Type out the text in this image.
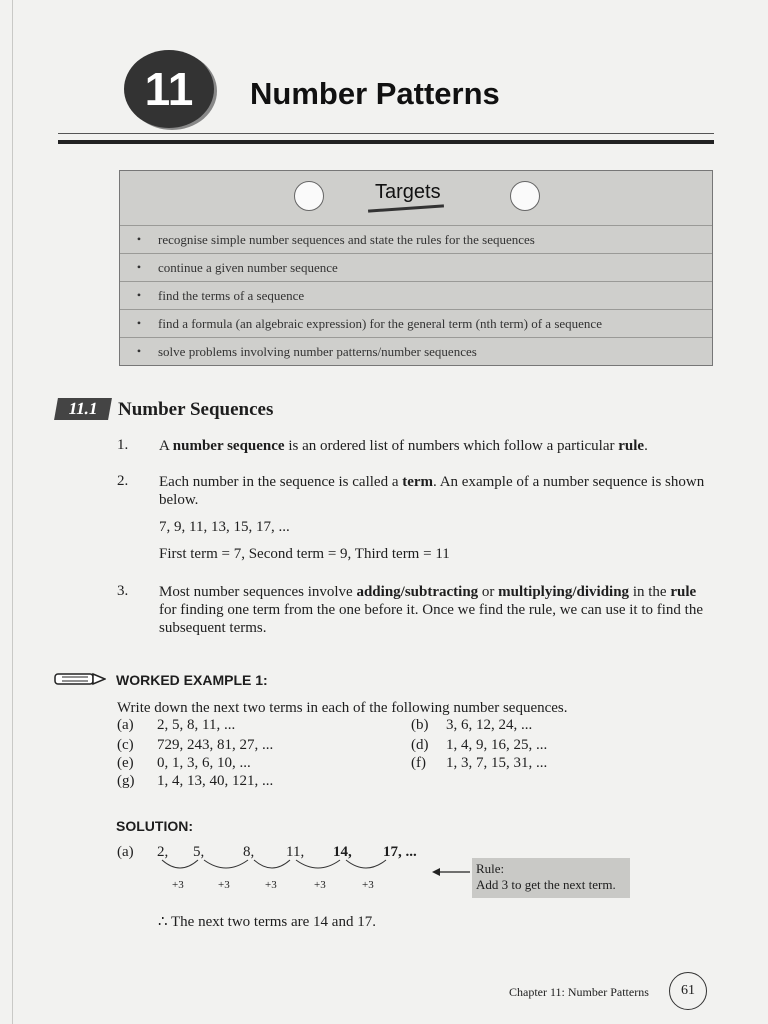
11	Number Patterns
Targets
•	recognise simple number sequences and state the rules for the sequences
•	continue a given number sequence
•	find the terms of a sequence
•	find a formula (an algebraic expression) for the general term (nth term) of a sequence
•	solve problems involving number patterns/number sequences
11.1 Number Sequences
1. A number sequence is an ordered list of numbers which follow a particular rule.
2. Each number in the sequence is called a term. An example of a number sequence is shown below.
7, 9, 11, 13, 15, 17, ...
First term = 7, Second term = 9, Third term = 11
3. Most number sequences involve adding/subtracting or multiplying/dividing in the rule for finding one term from the one before it. Once we find the rule, we can use it to find the subsequent terms.
WORKED EXAMPLE 1:
Write down the next two terms in each of the following number sequences.
(a) 2, 5, 8, 11, ...	(b) 3, 6, 12, 24, ...
(c) 729, 243, 81, 27, ...	(d) 1, 4, 9, 16, 25, ...
(e) 0, 1, 3, 6, 10, ...	(f) 1, 3, 7, 15, 31, ...
(g) 1, 4, 13, 40, 121, ...
SOLUTION:
(a) 2, 5,	8, 11, 14, 17, ...
+3	+3	+3	+3	+3
Rule:
Add 3 to get the next term.
∴ The next two terms are 14 and 17.
Chapter 11: Number Patterns	61
